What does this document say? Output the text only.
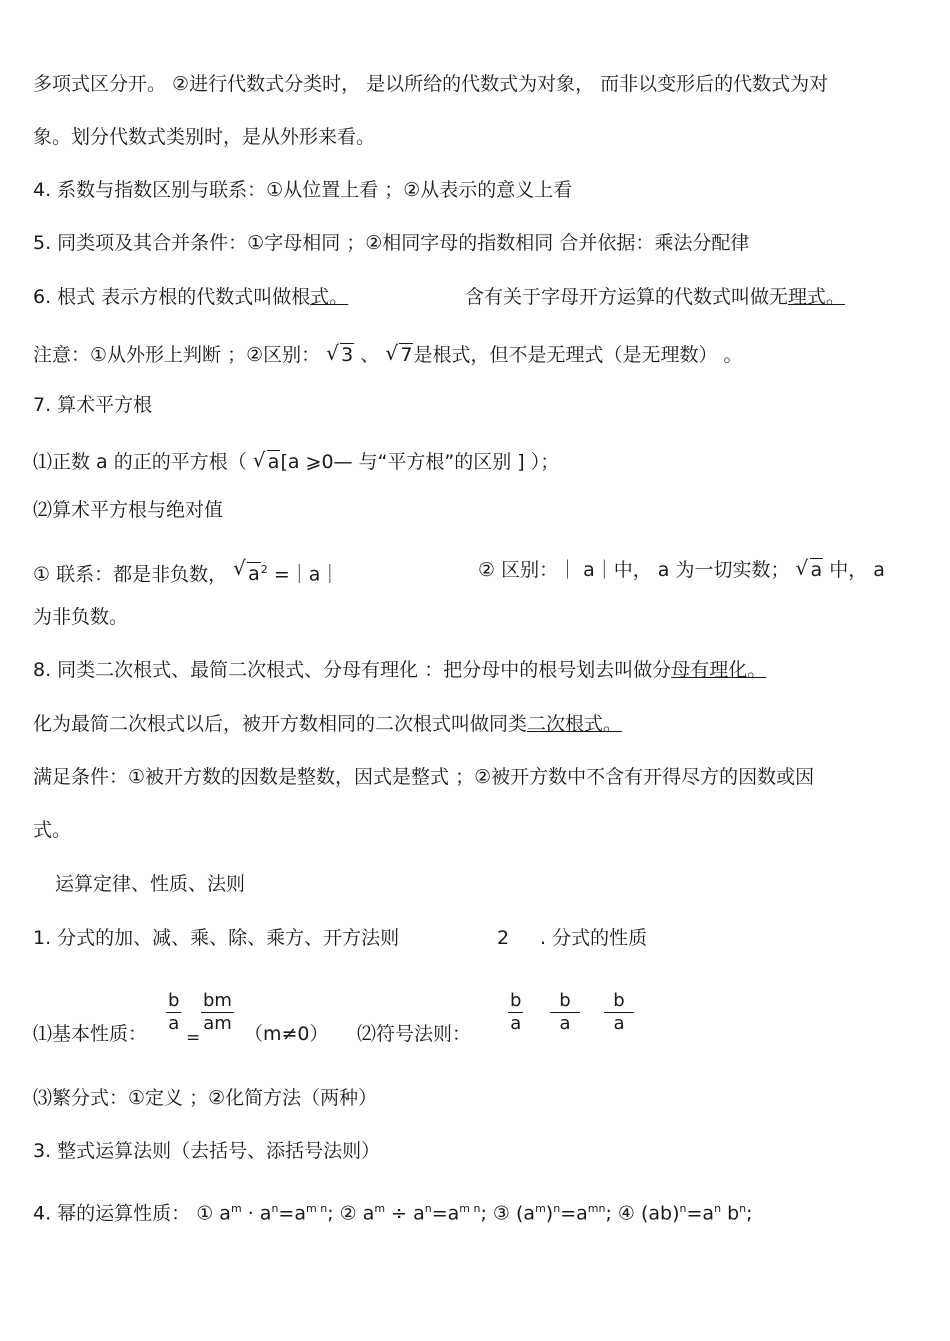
多项式区分开。 ②进行代数式分类时， 是以所给的代数式为对象， 而非以变形后的代数式为对
象。划分代数式类别时，是从外形来看。
4. 系数与指数区别与联系：①从位置上看 ；②从表示的意义上看
5. 同类项及其合并条件：①字母相同 ；②相同字母的指数相同 合并依据：乘法分配律
6. 根式 表示方根的代数式叫做根式。	含有关于字母开方运算的代数式叫做无理式。
注意：①从外形上判断 ；②区别： √ 3 、 √ 7是根式，但不是无理式（是无理数） 。
7. 算术平方根
⑴正数 a 的正的平方根（ √ a[a ⩾0— 与“平方根”的区别 ] ）；
⑵算术平方根与绝对值
① 联系：都是非负数， √ $a^2$ =｜a｜	② 区别：｜ a｜中， a 为一切实数； √ a 中， a
为非负数。
8. 同类二次根式、最简二次根式、分母有理化 ：把分母中的根号划去叫做分母有理化。
化为最简二次根式以后，被开方数相同的二次根式叫做同类二次根式。
满足条件：①被开方数的因数是整数，因式是整式 ；②被开方数中不含有开得尽方的因数或因
式。
运算定律、性质、法则
1. 分式的加、减、乘、除、乘方、开方法则	2 . 分式的性质
⑴基本性质： $\frac{b}{a}$
=
$\frac{bm}{am} (m\ne 0)$ ⑵符号法则： $\frac{b}{a} \frac{b}{a} \frac{b}{a}$
⑶繁分式：①定义 ；②化简方法（两种）
3. 整式运算法则（去括号、添括号法则）
4. 幂的运算性质： ① $a^m \cdot a^n=a^{m n}$; ② $a^m \div a^n=a^{m n}$; ③ $(a^m)^n=a^{mn}$; ④ $(ab)^n=a^n$ $b^n$;
